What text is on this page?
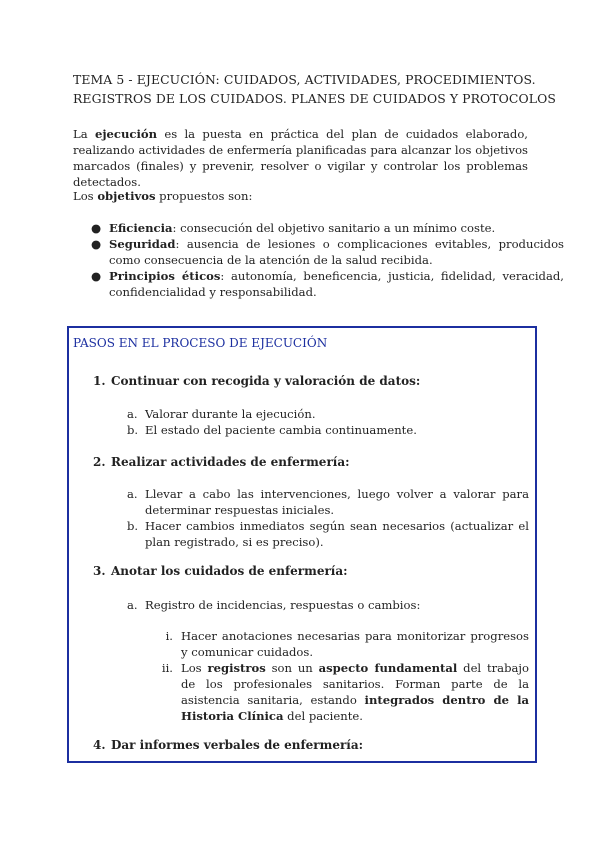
TEMA 5 - EJECUCIÓN: CUIDADOS, ACTIVIDADES, PROCEDIMIENTOS.
REGISTROS DE LOS CUIDADOS. PLANES DE CUIDADOS Y PROTOCOLOS
La ejecución es la puesta en práctica del plan de cuidados elaborado, realizando actividades de enfermería planificadas para alcanzar los objetivos marcados (finales) y prevenir, resolver o vigilar y controlar los problemas detectados.
Los objetivos propuestos son:
● Eficiencia: consecución del objetivo sanitario a un mínimo coste.
● Seguridad: ausencia de lesiones o complicaciones evitables, producidos como consecuencia de la atención de la salud recibida.
● Principios éticos: autonomía, beneficencia, justicia, fidelidad, veracidad, confidencialidad y responsabilidad.
PASOS EN EL PROCESO DE EJECUCIÓN
1. Continuar con recogida y valoración de datos:
a. Valorar durante la ejecución.
b. El estado del paciente cambia continuamente.
2. Realizar actividades de enfermería:
a. Llevar a cabo las intervenciones, luego volver a valorar para determinar respuestas iniciales.
b. Hacer cambios inmediatos según sean necesarios (actualizar el plan registrado, si es preciso).
3. Anotar los cuidados de enfermería:
a. Registro de incidencias, respuestas o cambios:
i. Hacer anotaciones necesarias para monitorizar progresos y comunicar cuidados.
ii. Los registros son un aspecto fundamental del trabajo de los profesionales sanitarios. Forman parte de la asistencia sanitaria, estando integrados dentro de la Historia Clínica del paciente.
4. Dar informes verbales de enfermería:
